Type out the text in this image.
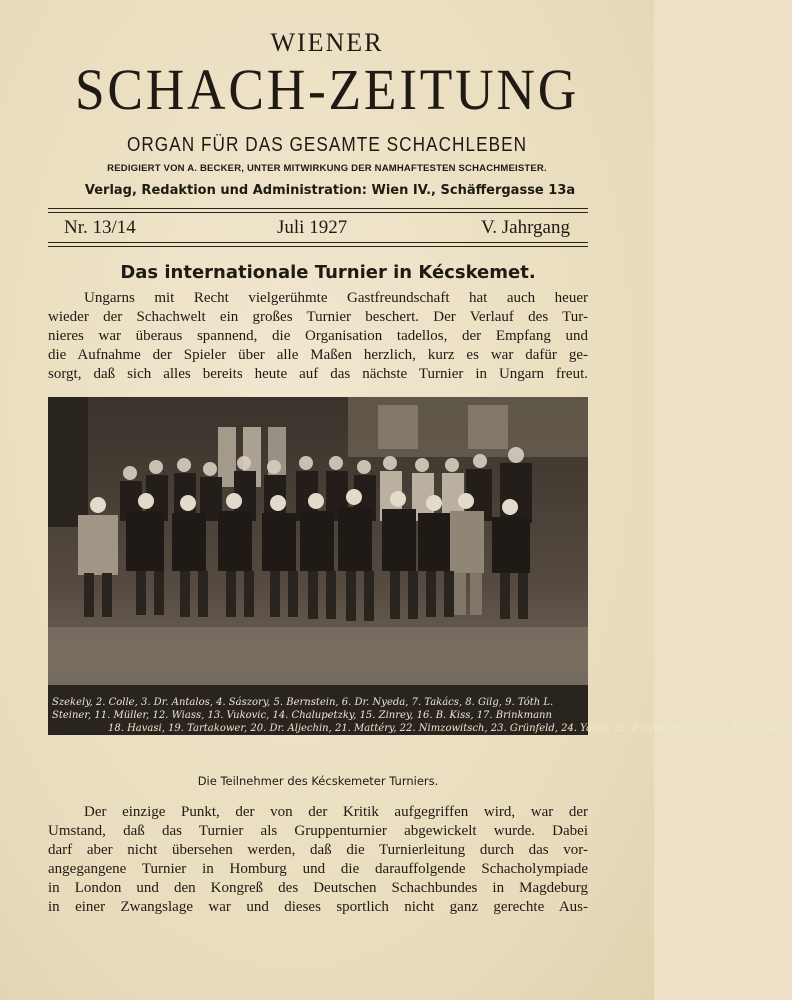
WIENER
SCHACH-ZEITUNG
ORGAN FÜR DAS GESAMTE SCHACHLEBEN
REDIGIERT VON A. BECKER, UNTER MITWIRKUNG DER NAMHAFTESTEN SCHACHMEISTER.
Verlag, Redaktion und Administration: Wien IV., Schäffergasse 13a
Nr. 13/14	Juli 1927	V. Jahrgang
Das internationale Turnier in Kécskemet.
Ungarns mit Recht vielgerühmte Gastfreundschaft hat auch heuer
wieder der Schachwelt ein großes Turnier beschert. Der Verlauf des Tur-
nieres war überaus spannend, die Organisation tadellos, der Empfang und
die Aufnahme der Spieler über alle Maßen herzlich, kurz es war dafür ge-
sorgt, daß sich alles bereits heute auf das nächste Turnier in Ungarn freut.
Szekely, 2. Colle, 3. Dr. Antalos, 4. Sászory, 5. Bernstein, 6. Dr. Nyeda, 7. Takács, 8. Gilg, 9. Tóth L.
Steiner, 11. Müller, 12. Wiass, 13. Vukovic, 14. Chalupetzky, 15. Zinrey, 16. B. Kiss, 17. Brinkmann
18. Havasi, 19. Tartakower, 20. Dr. Aljechin, 21. Mattéry, 22. Nimzowitsch, 23. Grünfeld, 24. Yates, 25. Przepiorka, 26. Dr. Nyúl Tóth P.
Die Teilnehmer des Kécskemeter Turniers.
Der einzige Punkt, der von der Kritik aufgegriffen wird, war der
Umstand, daß das Turnier als Gruppenturnier abgewickelt wurde. Dabei
darf aber nicht übersehen werden, daß die Turnierleitung durch das vor-
angegangene Turnier in Homburg und die darauffolgende Schacholympiade
in London und den Kongreß des Deutschen Schachbundes in Magdeburg
in einer Zwangslage war und dieses sportlich nicht ganz gerechte Aus-
